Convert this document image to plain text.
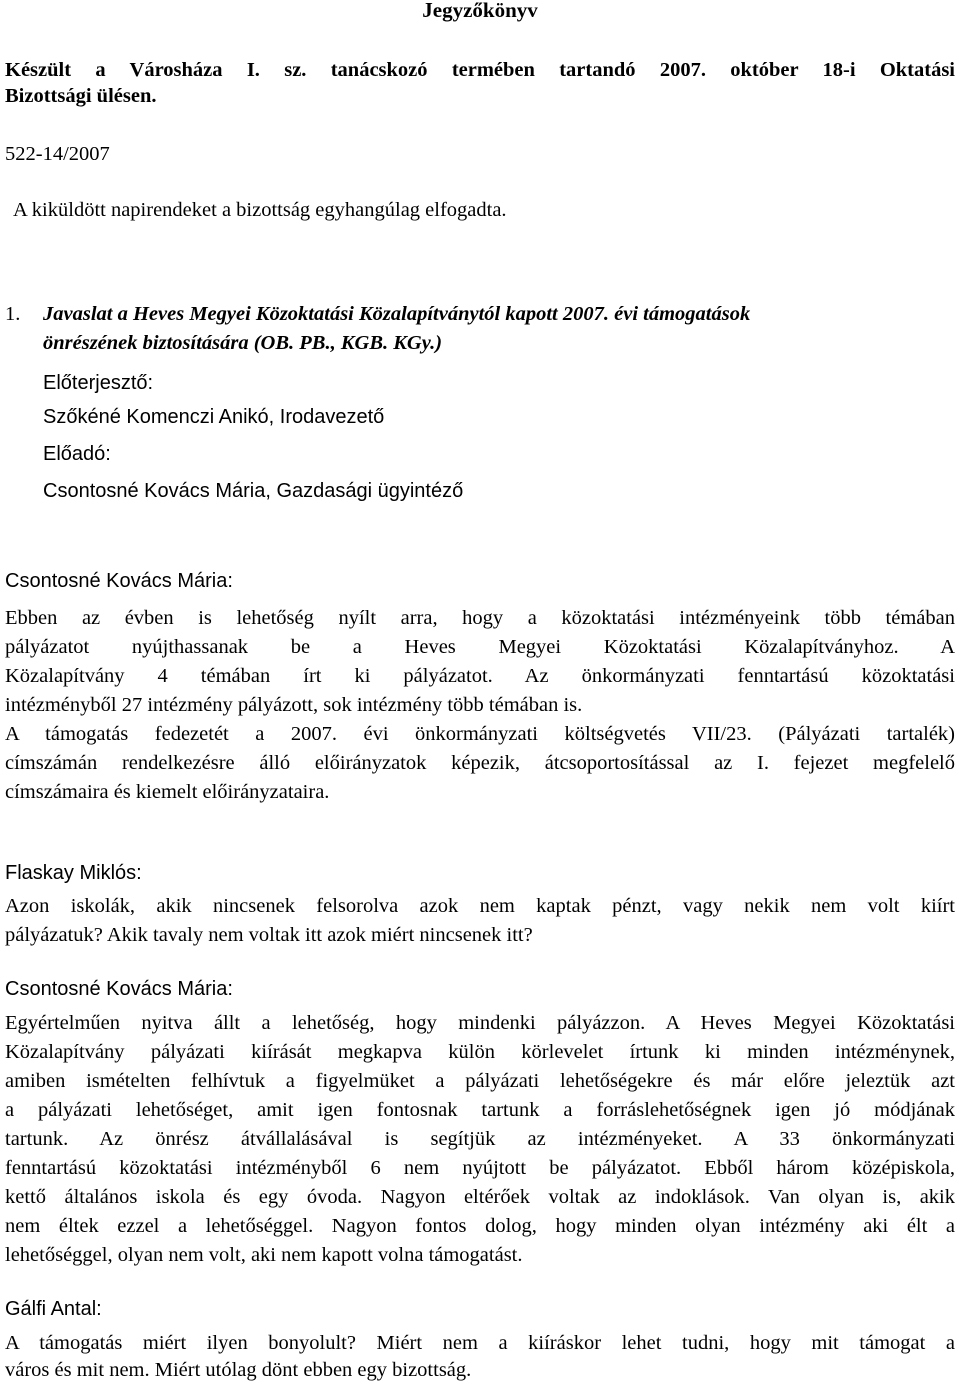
Jegyzőkönyv
Készült a Városháza I. sz. tanácskozó termében tartandó 2007. október 18-i Oktatási
Bizottsági ülésen.
522-14/2007
A kiküldött napirendeket a bizottság egyhangúlag elfogadta.
1. Javaslat a Heves Megyei Közoktatási Közalapítványtól kapott 2007. évi támogatások
önrészének biztosítására (OB. PB., KGB. KGy.)
Előterjesztő:
Szőkéné Komenczi Anikó, Irodavezető
Előadó:
Csontosné Kovács Mária, Gazdasági ügyintéző
Csontosné Kovács Mária:
Ebben az évben is lehetőség nyílt arra, hogy a közoktatási intézményeink több témában
pályázatot nyújthassanak be a Heves Megyei Közoktatási Közalapítványhoz. A
Közalapítvány 4 témában írt ki pályázatot. Az önkormányzati fenntartású közoktatási
intézményből 27 intézmény pályázott, sok intézmény több témában is.
A támogatás fedezetét a 2007. évi önkormányzati költségvetés VII/23. (Pályázati tartalék)
címszámán rendelkezésre álló előirányzatok képezik, átcsoportosítással az I. fejezet megfelelő
címszámaira és kiemelt előirányzataira.
Flaskay Miklós:
Azon iskolák, akik nincsenek felsorolva azok nem kaptak pénzt, vagy nekik nem volt kiírt
pályázatuk? Akik tavaly nem voltak itt azok miért nincsenek itt?
Csontosné Kovács Mária:
Egyértelműen nyitva állt a lehetőség, hogy mindenki pályázzon. A Heves Megyei Közoktatási
Közalapítvány pályázati kiírását megkapva külön körlevelet írtunk ki minden intézménynek,
amiben ismételten felhívtuk a figyelmüket a pályázati lehetőségekre és már előre jeleztük azt
a pályázati lehetőséget, amit igen fontosnak tartunk a forráslehetőségnek igen jó módjának
tartunk. Az önrész átvállalásával is segítjük az intézményeket. A 33 önkormányzati
fenntartású közoktatási intézményből 6 nem nyújtott be pályázatot. Ebből három középiskola,
kettő általános iskola és egy óvoda. Nagyon eltérőek voltak az indoklások. Van olyan is, akik
nem éltek ezzel a lehetőséggel. Nagyon fontos dolog, hogy minden olyan intézmény aki élt a
lehetőséggel, olyan nem volt, aki nem kapott volna támogatást.
Gálfi Antal:
A támogatás miért ilyen bonyolult? Miért nem a kiíráskor lehet tudni, hogy mit támogat a
város és mit nem. Miért utólag dönt ebben egy bizottság.
